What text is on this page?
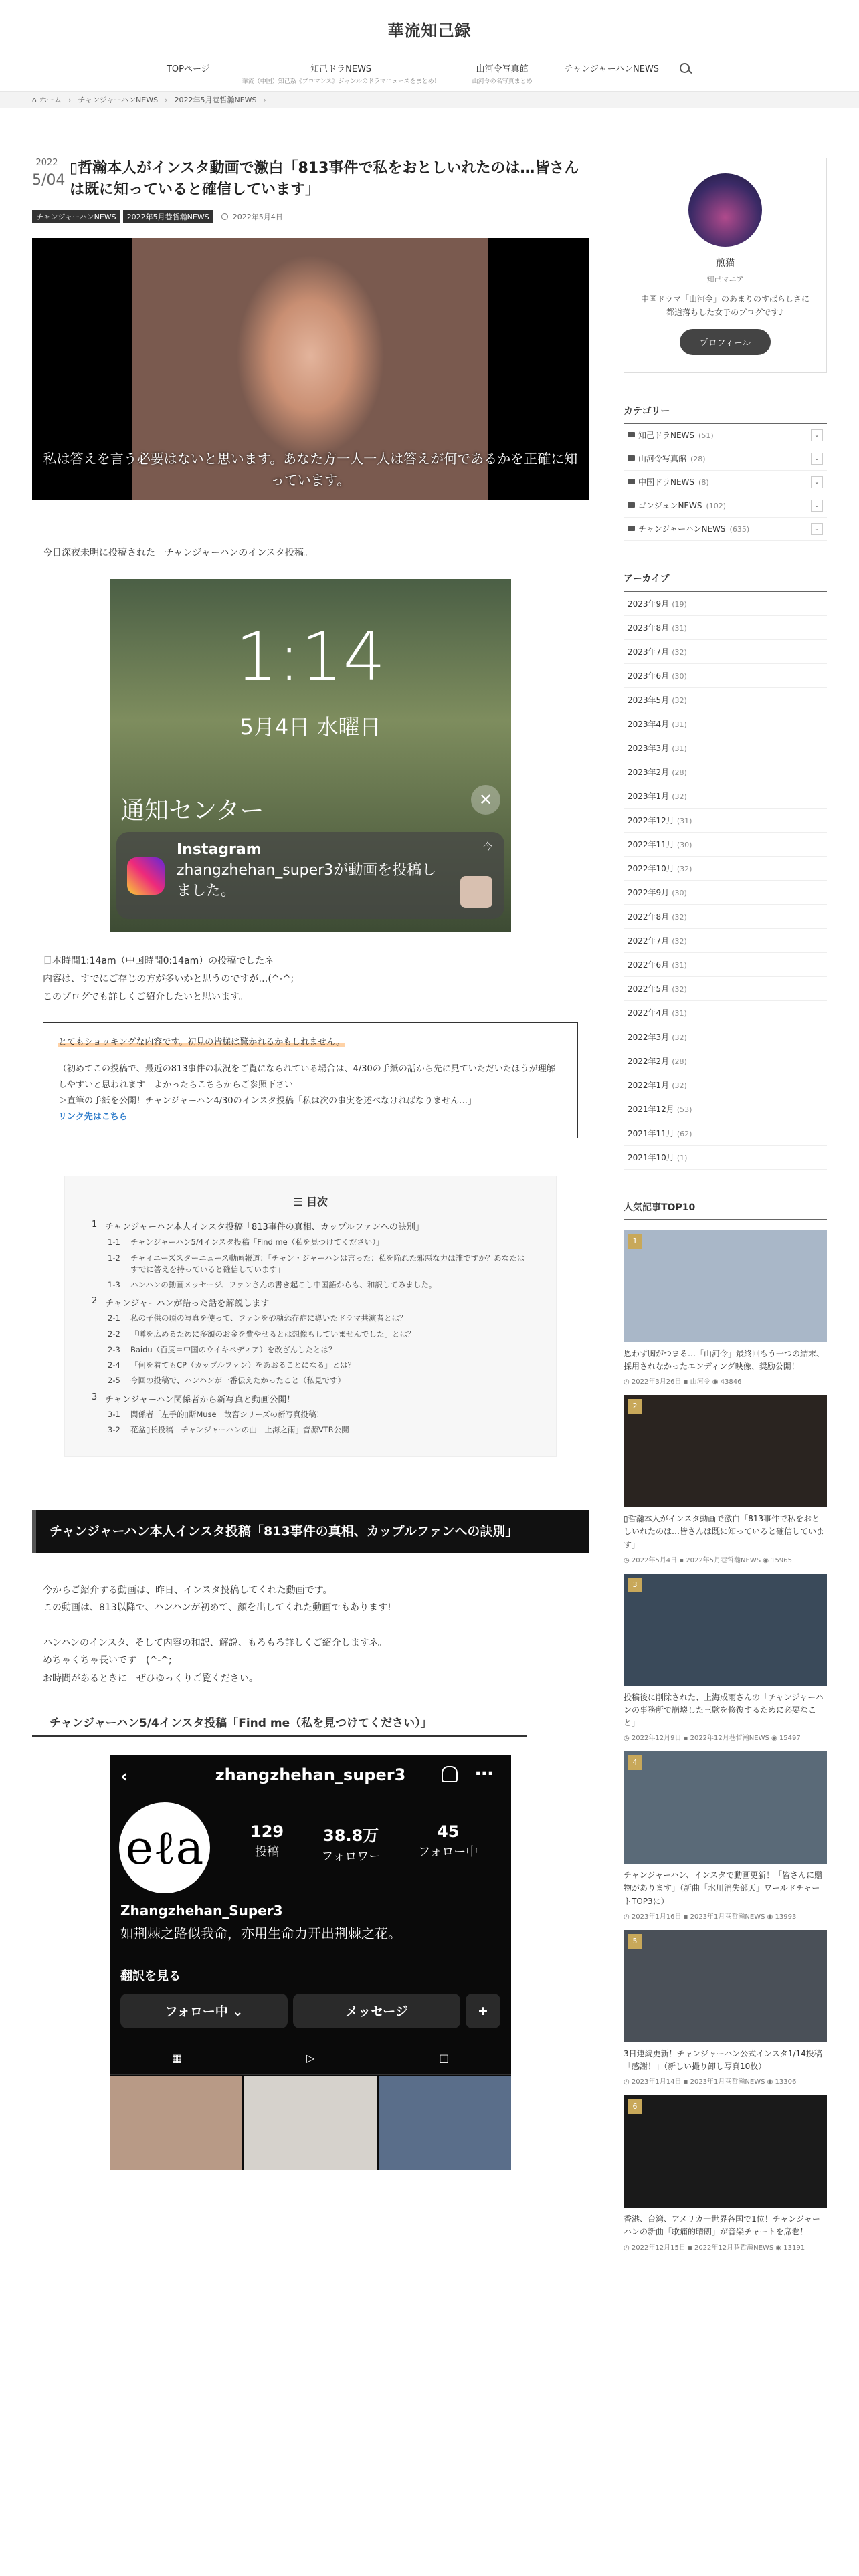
華流知己録
TOPページ	知己ドラNEWS
華流（中国）知己系《ブロマンス》ジャンルのドラマニュースをまとめ！
山河令写真館
山河令の名写真まとめ
チャンジャーハンNEWS
⌂ ホーム › チャンジャーハンNEWS › 2022年5月巷哲瀚NEWS ›
2022
5/04
▯哲瀚本人がインスタ動画で激白「813事件で私をおとしいれたのは…皆さんは既に知っていると確信しています」
チャンジャーハンNEWS	2022年5月巷哲瀚NEWS	2022年5月4日
私は答えを言う必要はないと思います。あなた方一人一人は答えが何であるかを正確に知っています。

今日深夜未明に投稿された　チャンジャーハンのインスタ投稿。

1:14
5月4日 水曜日
通知センター	✕
Instagram
zhangzhehan_super3が動画を投稿しました。
今
日本時間1:14am（中国時間0:14am）の投稿でしたネ。
内容は、すでにご存じの方が多いかと思うのですが…(^-^;
このブログでも詳しくご紹介したいと思います。
とてもショッキングな内容です。初見の皆様は驚かれるかもしれません。
（初めてこの投稿で、最近の813事件の状況をご覧になられている場合は、4/30の手紙の話から先に見ていただいたほうが理解しやすいと思われます　よかったらこちらからご参照下さい
＞直筆の手紙を公開！チャンジャーハン4/30のインスタ投稿「私は次の事実を述べなければなりません…」
リンク先はこちら
☰ 目次
1 チャンジャーハン本人インスタ投稿「813事件の真相、カップルファンへの訣別」
1-1	チャンジャーハン5/4インスタ投稿「Find me（私を見つけてください）」
1-2	チャイニーズスターニュース動画報道：「チャン・ジャーハンは言った：私を陥れた邪悪な力は誰ですか？あなたはすでに答えを持っていると確信しています」
1-3	ハンハンの動画メッセージ、ファンさんの書き起こし中国語からも、和訳してみました。
2 チャンジャーハンが語った話を解説します
2-1	私の子供の頃の写真を使って、ファンを砂糖恐存症に導いたドラマ共演者とは？
2-2	「噂を広めるために多額のお金を費やせるとは想像もしていませんでした」とは？
2-3	Baidu（百度＝中国のウイキペディア）を改ざんしたとは？
2-4	「何を着てもCP（カップルファン）をあおることになる」とは？
2-5	今回の投稿で、ハンハンが一番伝えたかったこと（私見です）
3 チャンジャーハン関係者から新写真と動画公開！
3-1	関係者「左手的▯斯Muse」故宮シリーズの新写真投稿！
3-2	花盆▯长投稿　チャンジャーハンの曲「上海之雨」音源VTR公開
チャンジャーハン本人インスタ投稿「813事件の真相、カップルファンへの訣別」
今からご紹介する動画は、昨日、インスタ投稿してくれた動画です。
この動画は、813以降で、ハンハンが初めて、顔を出してくれた動画でもあります!
ハンハンのインスタ、そして内容の和訳、解説、もろもろ詳しくご紹介しますネ。
めちゃくちゃ長いです　(^-^;
お時間があるときに　ぜひゆっくりご覧ください。
チャンジャーハン5/4インスタ投稿「Find me（私を見つけてください）」
‹	zhangzhehan_super3	⋯
eℓa	129
投稿
38.8万
フォロワー
45
フォロー中
Zhangzhehan_Super3
如荆棘之路似我命，亦用生命力开出荆棘之花。
翻訳を見る
フォロー中 ⌄	メッセージ	+
▦	▷	◫
煎猫
知己マニア
中国ドラマ「山河令」のあまりのすばらしさに都道落ちした女子のブログです♪
プロフィール
カテゴリー
知己ドラNEWS (51)	⌄
山河令写真館 (28)	⌄
中国ドラNEWS (8)	⌄
ゴンジュンNEWS (102)	⌄
チャンジャーハンNEWS (635)	⌄
アーカイブ
2023年9月 (19)
2023年8月 (31)
2023年7月 (32)
2023年6月 (30)
2023年5月 (32)
2023年4月 (31)
2023年3月 (31)
2023年2月 (28)
2023年1月 (32)
2022年12月 (31)
2022年11月 (30)
2022年10月 (32)
2022年9月 (30)
2022年8月 (32)
2022年7月 (32)
2022年6月 (31)
2022年5月 (32)
2022年4月 (31)
2022年3月 (32)
2022年2月 (28)
2022年1月 (32)
2021年12月 (53)
2021年11月 (62)
2021年10月 (1)
人気記事TOP10
1
恩わず胸がつまる…「山河令」最終回もう一つの結末、採用されなかったエンディング映像、奨励公開！
◷ 2022年3月26日 ▪ 山河令 ◉ 43846
2
▯哲瀚本人がインスタ動画で激白「813事件で私をおとしいれたのは…皆さんは既に知っていると確信しています」
◷ 2022年5月4日 ▪ 2022年5月巷哲瀚NEWS ◉ 15965
3
投稿後に削除された、上海成雨さんの「チャンジャーハンの事務所で崩壊した三験を修復するために必要なこと」
◷ 2022年12月9日 ▪ 2022年12月巷哲瀚NEWS ◉ 15497
4
チャンジャーハン、インスタで動画更新！「皆さんに贈物があります」（新曲「水川消失部天」ワールドチャートTOP3に）
◷ 2023年1月16日 ▪ 2023年1月巷哲瀚NEWS ◉ 13993
5
3日連続更新！チャンジャーハン公式インスタ1/14投稿「感謝！」（新しい撮り卸し写真10枚）
◷ 2023年1月14日 ▪ 2023年1月巷哲瀚NEWS ◉ 13306
6
香港、台湾、アメリカ一世界各国で1位！チャンジャーハンの新曲「歌痛的晴朗」が音楽チャートを席巻！
◷ 2022年12月15日 ▪ 2022年12月巷哲瀚NEWS ◉ 13191
